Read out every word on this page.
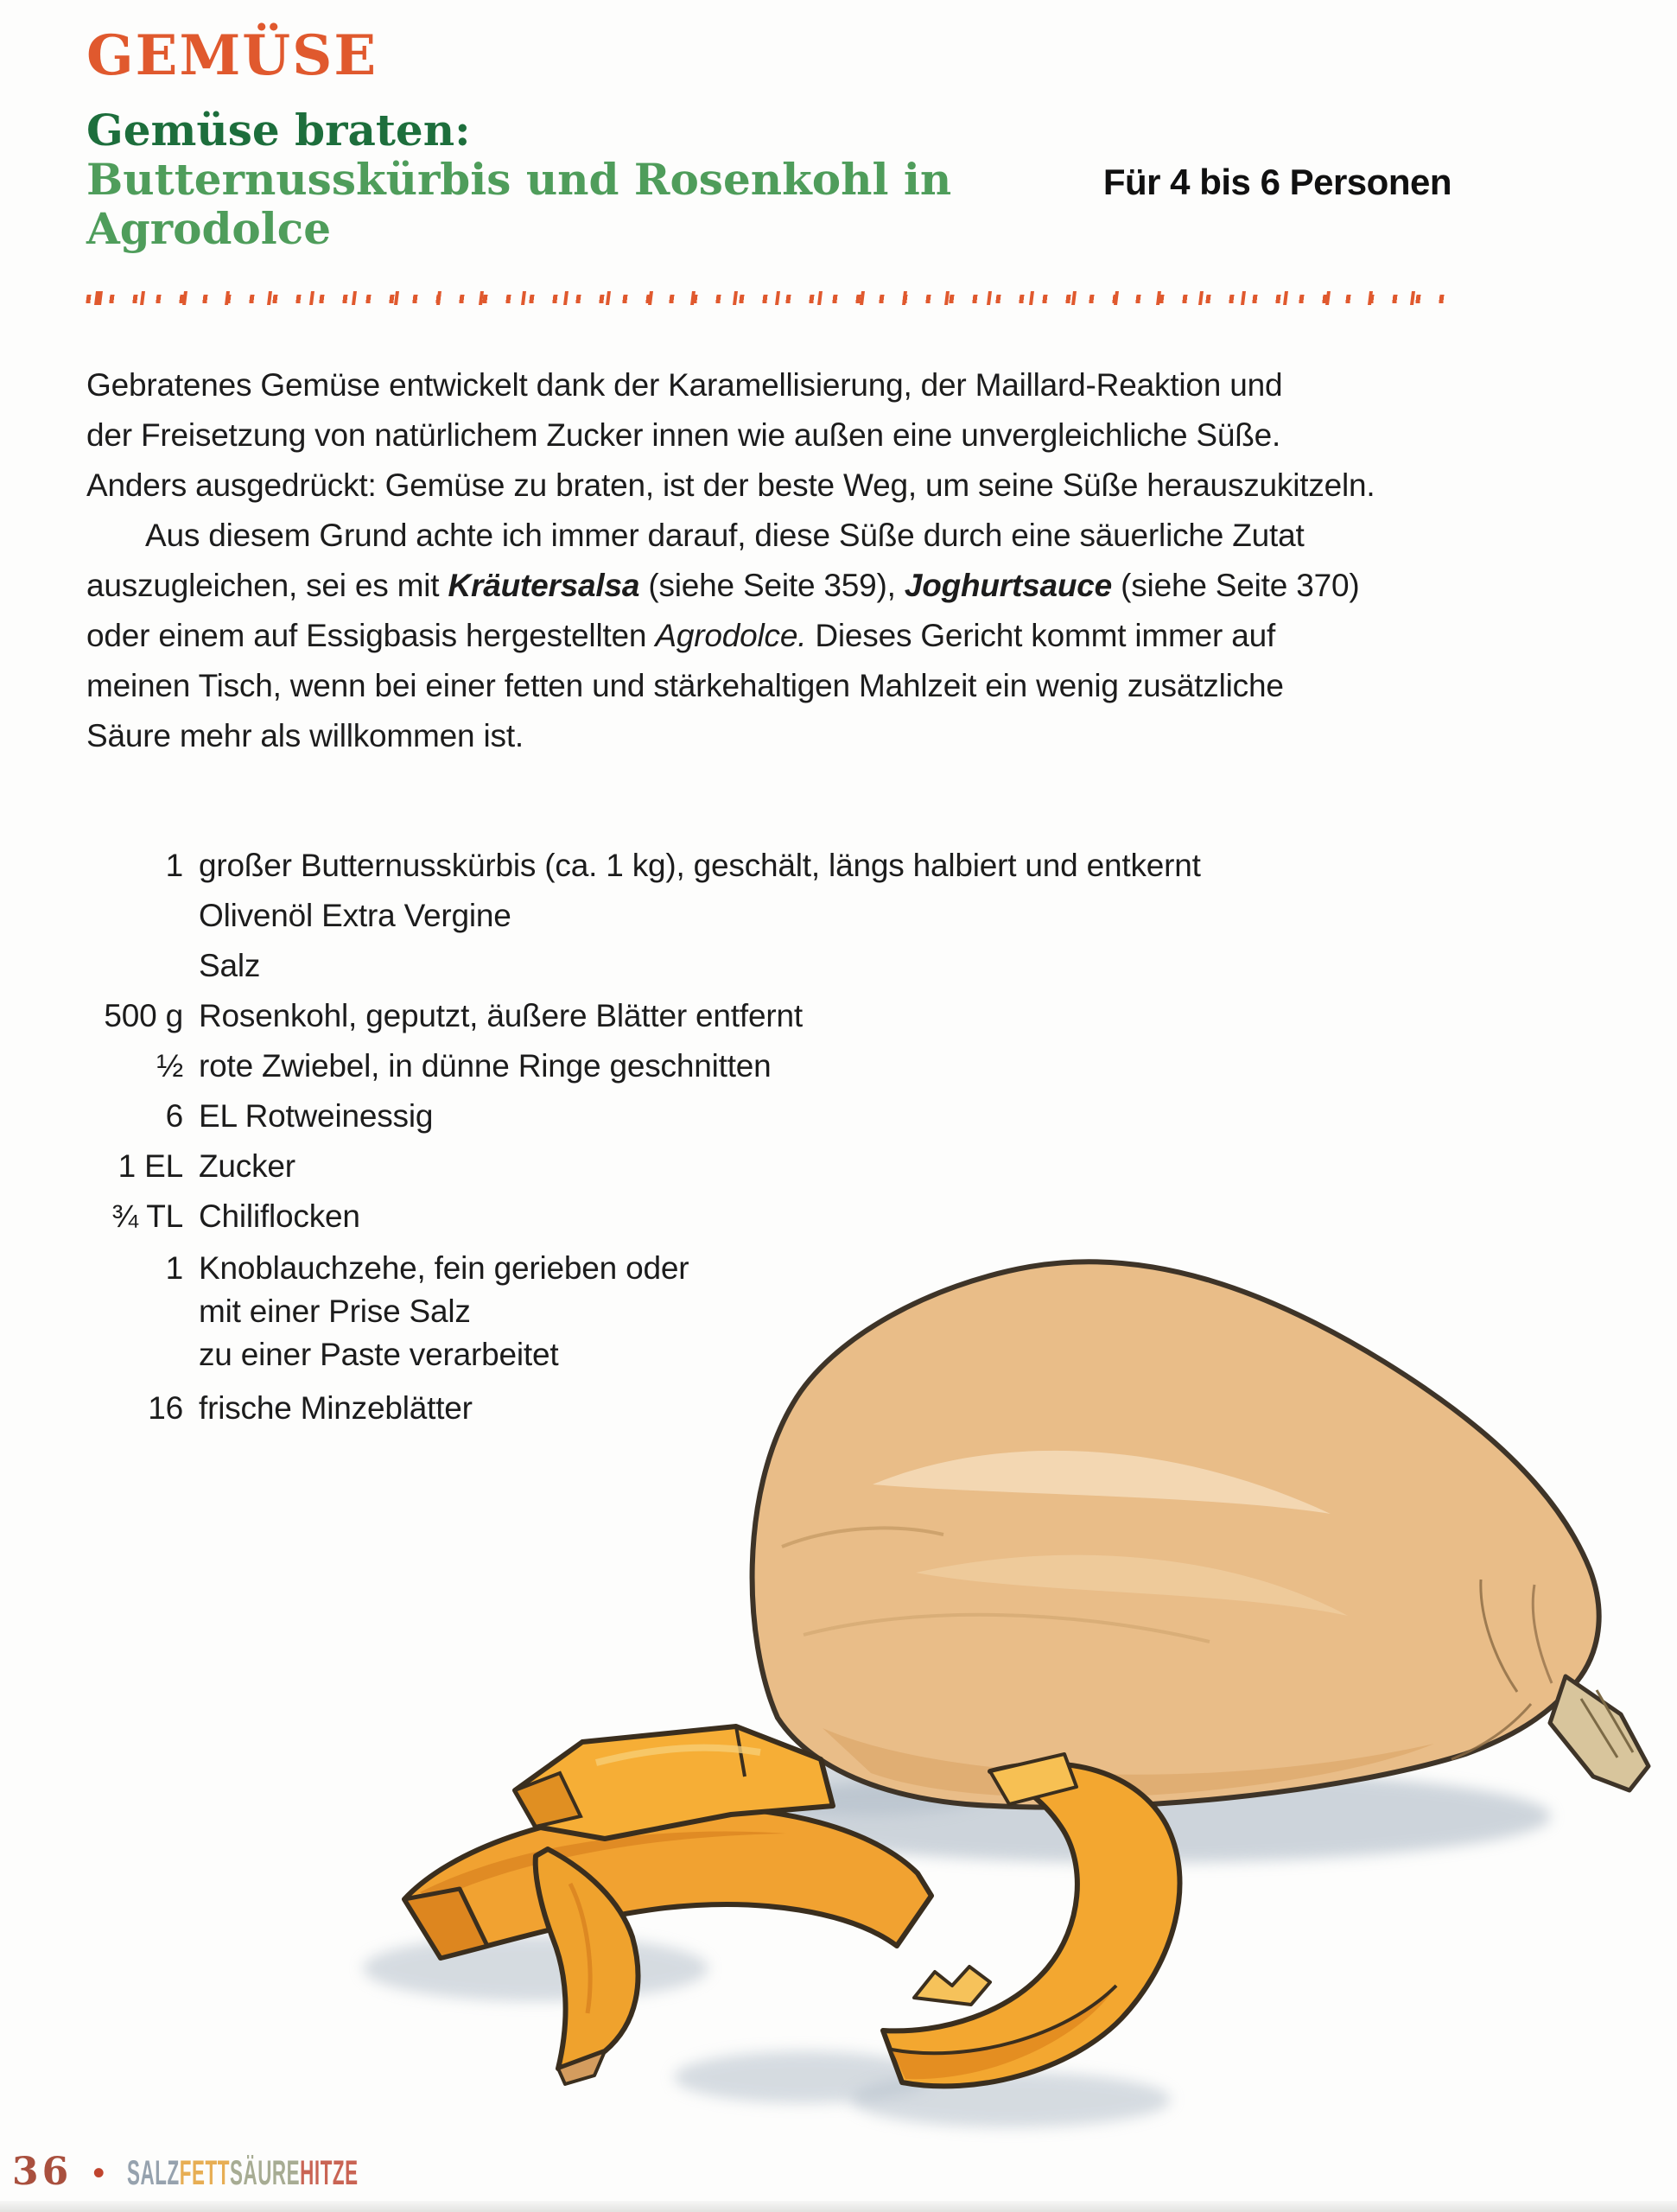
GEMÜSE
Gemüse braten:
Butternusskürbis und Rosenkohl in Agrodolce
Für 4 bis 6 Personen
Gebratenes Gemüse entwickelt dank der Karamellisierung, der Maillard-Reaktion und
der Freisetzung von natürlichem Zucker innen wie außen eine unvergleichliche Süße.
Anders ausgedrückt: Gemüse zu braten, ist der beste Weg, um seine Süße herauszukitzeln.
Aus diesem Grund achte ich immer darauf, diese Süße durch eine säuerliche Zutat
auszugleichen, sei es mit Kräutersalsa (siehe Seite 359), Joghurtsauce (siehe Seite 370)
oder einem auf Essigbasis hergestellten Agrodolce. Dieses Gericht kommt immer auf
meinen Tisch, wenn bei einer fetten und stärkehaltigen Mahlzeit ein wenig zusätzliche
Säure mehr als willkommen ist.
1 großer Butternusskürbis (ca. 1 kg), geschält, längs halbiert und entkernt
Olivenöl Extra Vergine
Salz
500 g Rosenkohl, geputzt, äußere Blätter entfernt
½ rote Zwiebel, in dünne Ringe geschnitten
6 EL Rotweinessig
1 EL Zucker
¾ TL Chiliflocken
1 Knoblauchzehe, fein gerieben oder
mit einer Prise Salz
zu einer Paste verarbeitet
16 frische Minzeblätter
36 • SALZ FETT SÄURE HITZE
